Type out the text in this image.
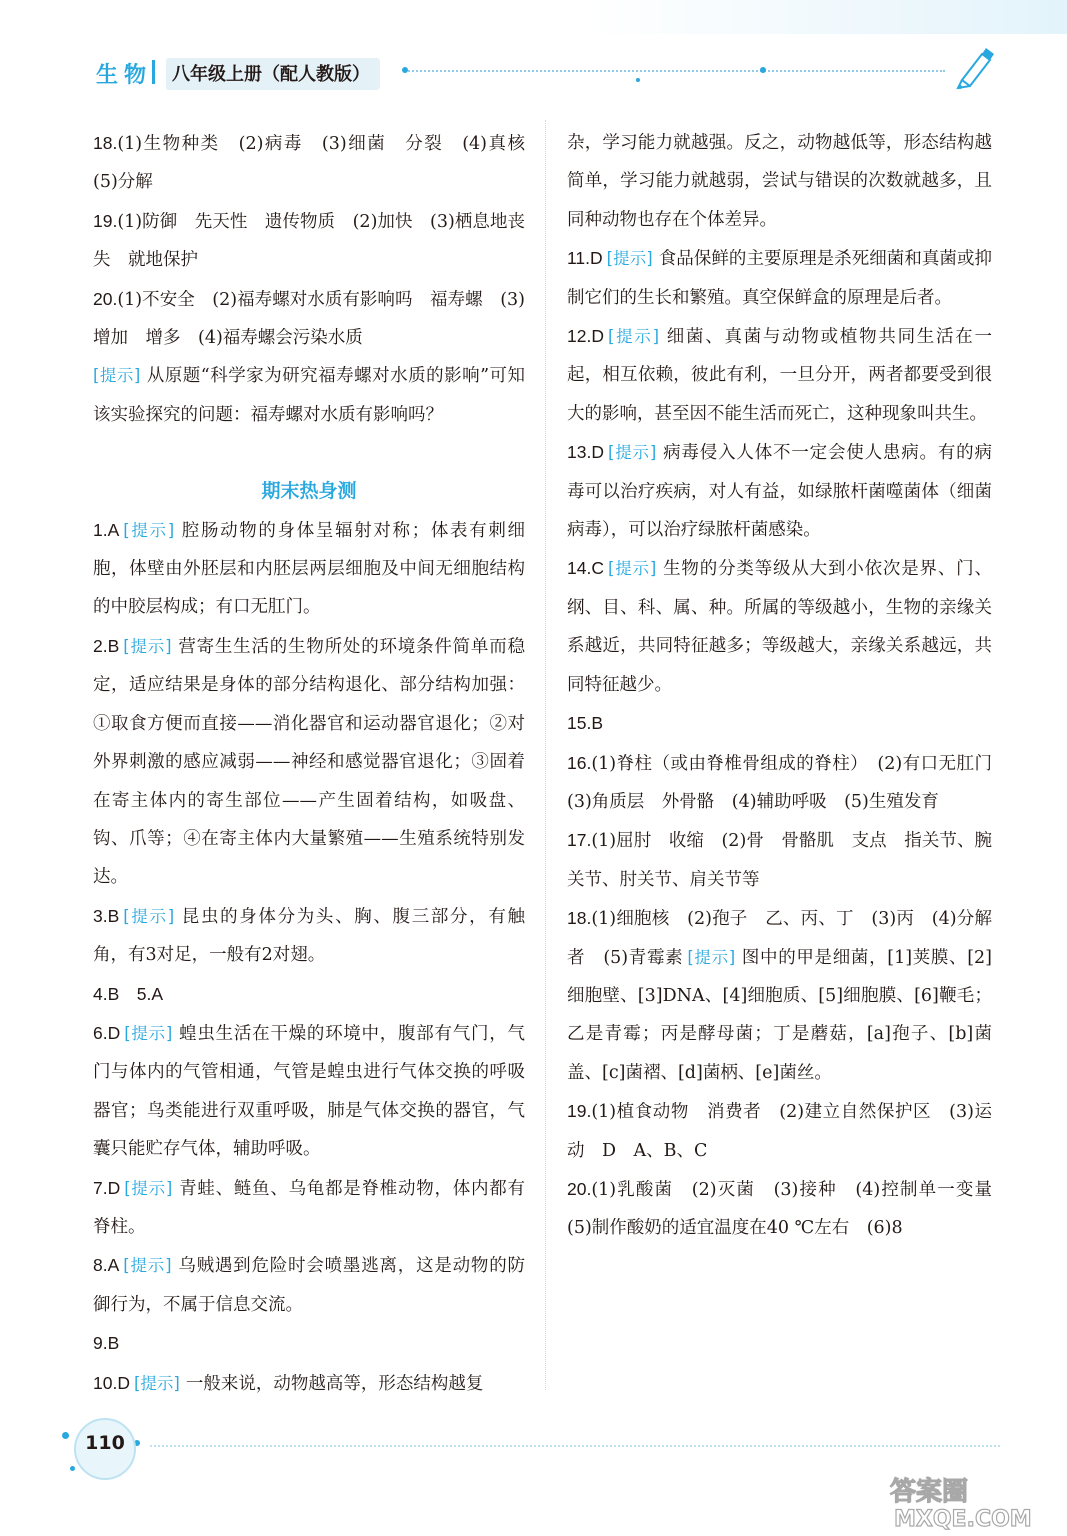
生物	八年级上册（配人教版）

18.(1)生物种类　(2)病毒　(3)细菌　分裂　(4)真核　(5)分解

19.(1)防御　先天性　遗传物质　(2)加快　(3)栖息地丧失　就地保护

20.(1)不安全　(2)福寿螺对水质有影响吗　福寿螺　(3)增加　增多　(4)福寿螺会污染水质

[提示] 从原题“科学家为研究福寿螺对水质的影响”可知该实验探究的问题：福寿螺对水质有影响吗？

期末热身测

1.A [提示] 腔肠动物的身体呈辐射对称；体表有刺细胞，体壁由外胚层和内胚层两层细胞及中间无细胞结构的中胶层构成；有口无肛门。

2.B [提示] 营寄生生活的生物所处的环境条件简单而稳定，适应结果是身体的部分结构退化、部分结构加强：①取食方便而直接——消化器官和运动器官退化；②对外界刺激的感应减弱——神经和感觉器官退化；③固着在寄主体内的寄生部位——产生固着结构，如吸盘、钩、爪等；④在寄主体内大量繁殖——生殖系统特别发达。

3.B [提示] 昆虫的身体分为头、胸、腹三部分，有触角，有3对足，一般有2对翅。

4.B　5.A

6.D [提示] 蝗虫生活在干燥的环境中，腹部有气门，气门与体内的气管相通，气管是蝗虫进行气体交换的呼吸器官；鸟类能进行双重呼吸，肺是气体交换的器官，气囊只能贮存气体，辅助呼吸。

7.D [提示] 青蛙、鲢鱼、乌龟都是脊椎动物，体内都有脊柱。

8.A [提示] 乌贼遇到危险时会喷墨逃离，这是动物的防御行为，不属于信息交流。

9.B

10.D [提示] 一般来说，动物越高等，形态结构越复

杂，学习能力就越强。反之，动物越低等，形态结构越简单，学习能力就越弱，尝试与错误的次数就越多，且同种动物也存在个体差异。

11.D [提示] 食品保鲜的主要原理是杀死细菌和真菌或抑制它们的生长和繁殖。真空保鲜盒的原理是后者。

12.D [提示] 细菌、真菌与动物或植物共同生活在一起，相互依赖，彼此有利，一旦分开，两者都要受到很大的影响，甚至因不能生活而死亡，这种现象叫共生。

13.D [提示] 病毒侵入人体不一定会使人患病。有的病毒可以治疗疾病，对人有益，如绿脓杆菌噬菌体（细菌病毒），可以治疗绿脓杆菌感染。

14.C [提示] 生物的分类等级从大到小依次是界、门、纲、目、科、属、种。所属的等级越小，生物的亲缘关系越近，共同特征越多；等级越大，亲缘关系越远，共同特征越少。

15.B

16.(1)脊柱（或由脊椎骨组成的脊柱）　(2)有口无肛门　(3)角质层　外骨骼　(4)辅助呼吸　(5)生殖发育

17.(1)屈肘　收缩　(2)骨　骨骼肌　支点　指关节、腕关节、肘关节、肩关节等

18.(1)细胞核　(2)孢子　乙、丙、丁　(3)丙　(4)分解者　(5)青霉素 [提示] 图中的甲是细菌，[1]荚膜、[2]细胞壁、[3]DNA、[4]细胞质、[5]细胞膜、[6]鞭毛；乙是青霉；丙是酵母菌；丁是蘑菇，[a]孢子、[b]菌盖、[c]菌褶、[d]菌柄、[e]菌丝。

19.(1)植食动物　消费者　(2)建立自然保护区　(3)运动　D　A、B、C

20.(1)乳酸菌　(2)灭菌　(3)接种　(4)控制单一变量　(5)制作酸奶的适宜温度在40 ℃左右　(6)8

110
答案圈
MXQE.COM
